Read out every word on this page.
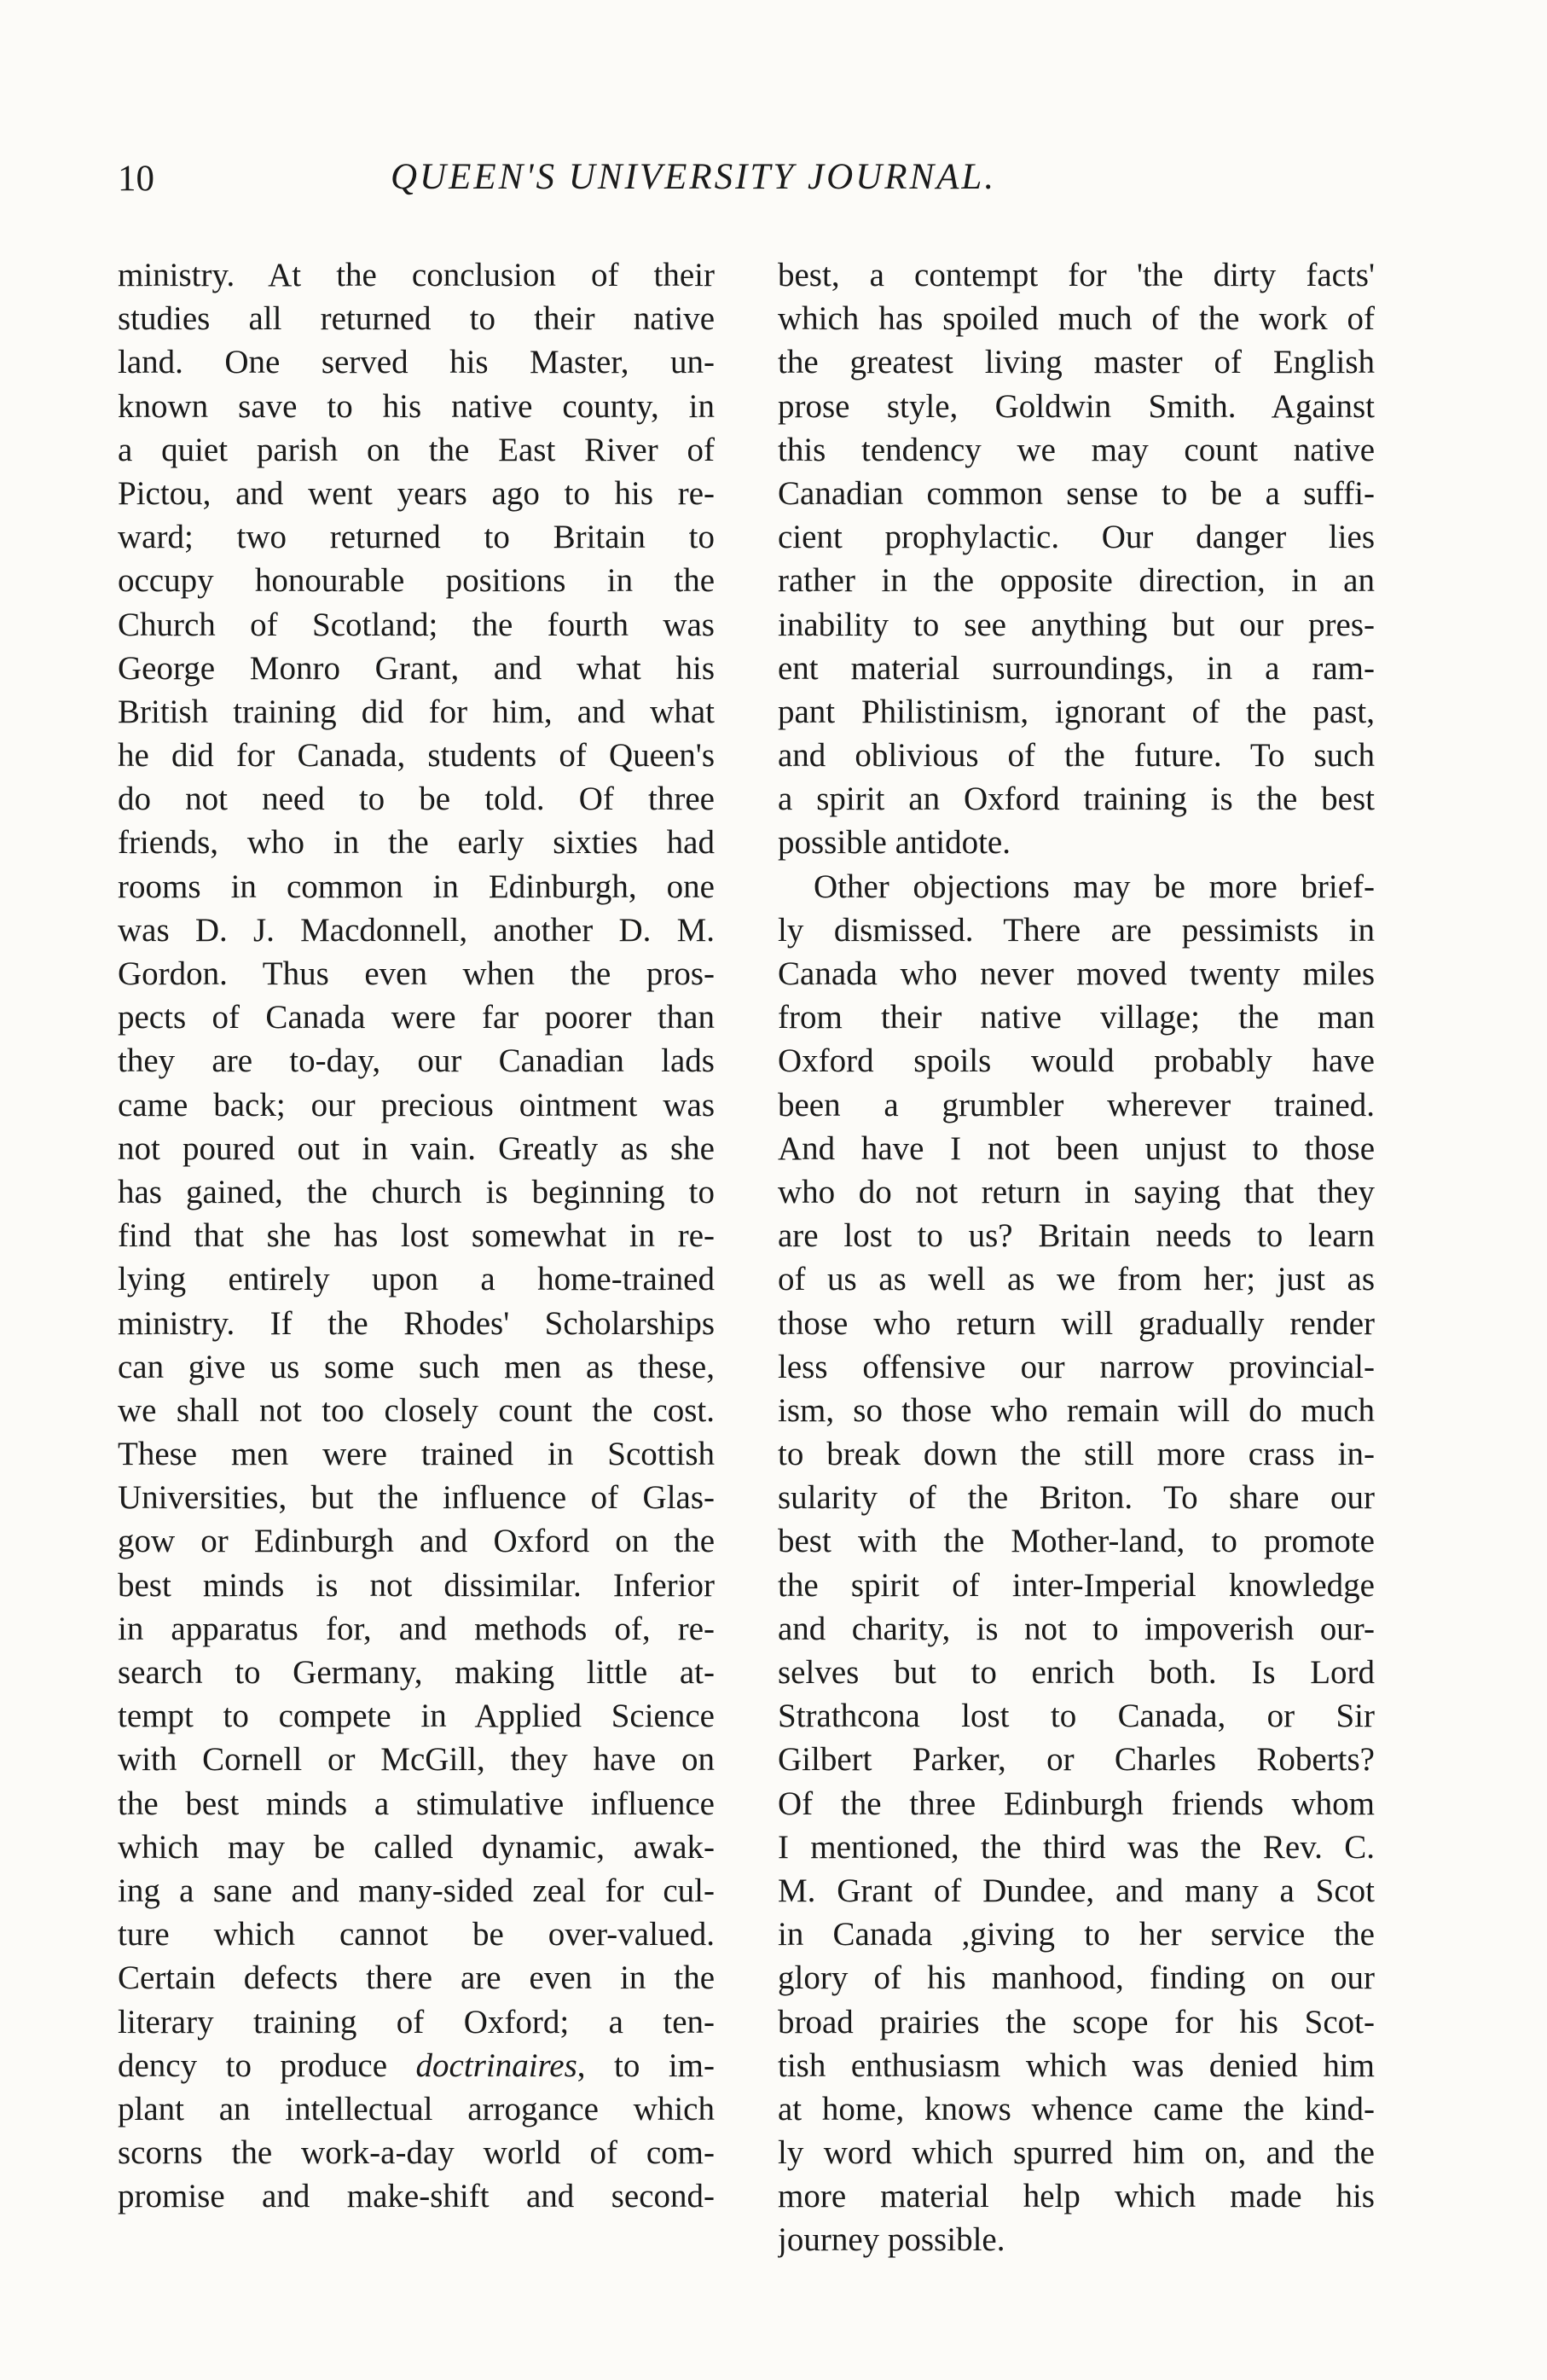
10	QUEEN'S UNIVERSITY JOURNAL.
ministry. At the conclusion of their
studies all returned to their native
land. One served his Master, un-
known save to his native county, in
a quiet parish on the East River of
Pictou, and went years ago to his re-
ward; two returned to Britain to
occupy honourable positions in the
Church of Scotland; the fourth was
George Monro Grant, and what his
British training did for him, and what
he did for Canada, students of Queen's
do not need to be told. Of three
friends, who in the early sixties had
rooms in common in Edinburgh, one
was D. J. Macdonnell, another D. M.
Gordon. Thus even when the pros-
pects of Canada were far poorer than
they are to-day, our Canadian lads
came back; our precious ointment was
not poured out in vain. Greatly as she
has gained, the church is beginning to
find that she has lost somewhat in re-
lying entirely upon a home-trained
ministry. If the Rhodes' Scholarships
can give us some such men as these,
we shall not too closely count the cost.
These men were trained in Scottish
Universities, but the influence of Glas-
gow or Edinburgh and Oxford on the
best minds is not dissimilar. Inferior
in apparatus for, and methods of, re-
search to Germany, making little at-
tempt to compete in Applied Science
with Cornell or McGill, they have on
the best minds a stimulative influence
which may be called dynamic, awak-
ing a sane and many-sided zeal for cul-
ture which cannot be over-valued.
Certain defects there are even in the
literary training of Oxford; a ten-
dency to produce doctrinaires, to im-
plant an intellectual arrogance which
scorns the work-a-day world of com-
promise and make-shift and second-
best, a contempt for 'the dirty facts'
which has spoiled much of the work of
the greatest living master of English
prose style, Goldwin Smith. Against
this tendency we may count native
Canadian common sense to be a suffi-
cient prophylactic. Our danger lies
rather in the opposite direction, in an
inability to see anything but our pres-
ent material surroundings, in a ram-
pant Philistinism, ignorant of the past,
and oblivious of the future. To such
a spirit an Oxford training is the best
possible antidote.
Other objections may be more brief-
ly dismissed. There are pessimists in
Canada who never moved twenty miles
from their native village; the man
Oxford spoils would probably have
been a grumbler wherever trained.
And have I not been unjust to those
who do not return in saying that they
are lost to us? Britain needs to learn
of us as well as we from her; just as
those who return will gradually render
less offensive our narrow provincial-
ism, so those who remain will do much
to break down the still more crass in-
sularity of the Briton. To share our
best with the Mother-land, to promote
the spirit of inter-Imperial knowledge
and charity, is not to impoverish our-
selves but to enrich both. Is Lord
Strathcona lost to Canada, or Sir
Gilbert Parker, or Charles Roberts?
Of the three Edinburgh friends whom
I mentioned, the third was the Rev. C.
M. Grant of Dundee, and many a Scot
in Canada ,giving to her service the
glory of his manhood, finding on our
broad prairies the scope for his Scot-
tish enthusiasm which was denied him
at home, knows whence came the kind-
ly word which spurred him on, and the
more material help which made his
journey possible.
